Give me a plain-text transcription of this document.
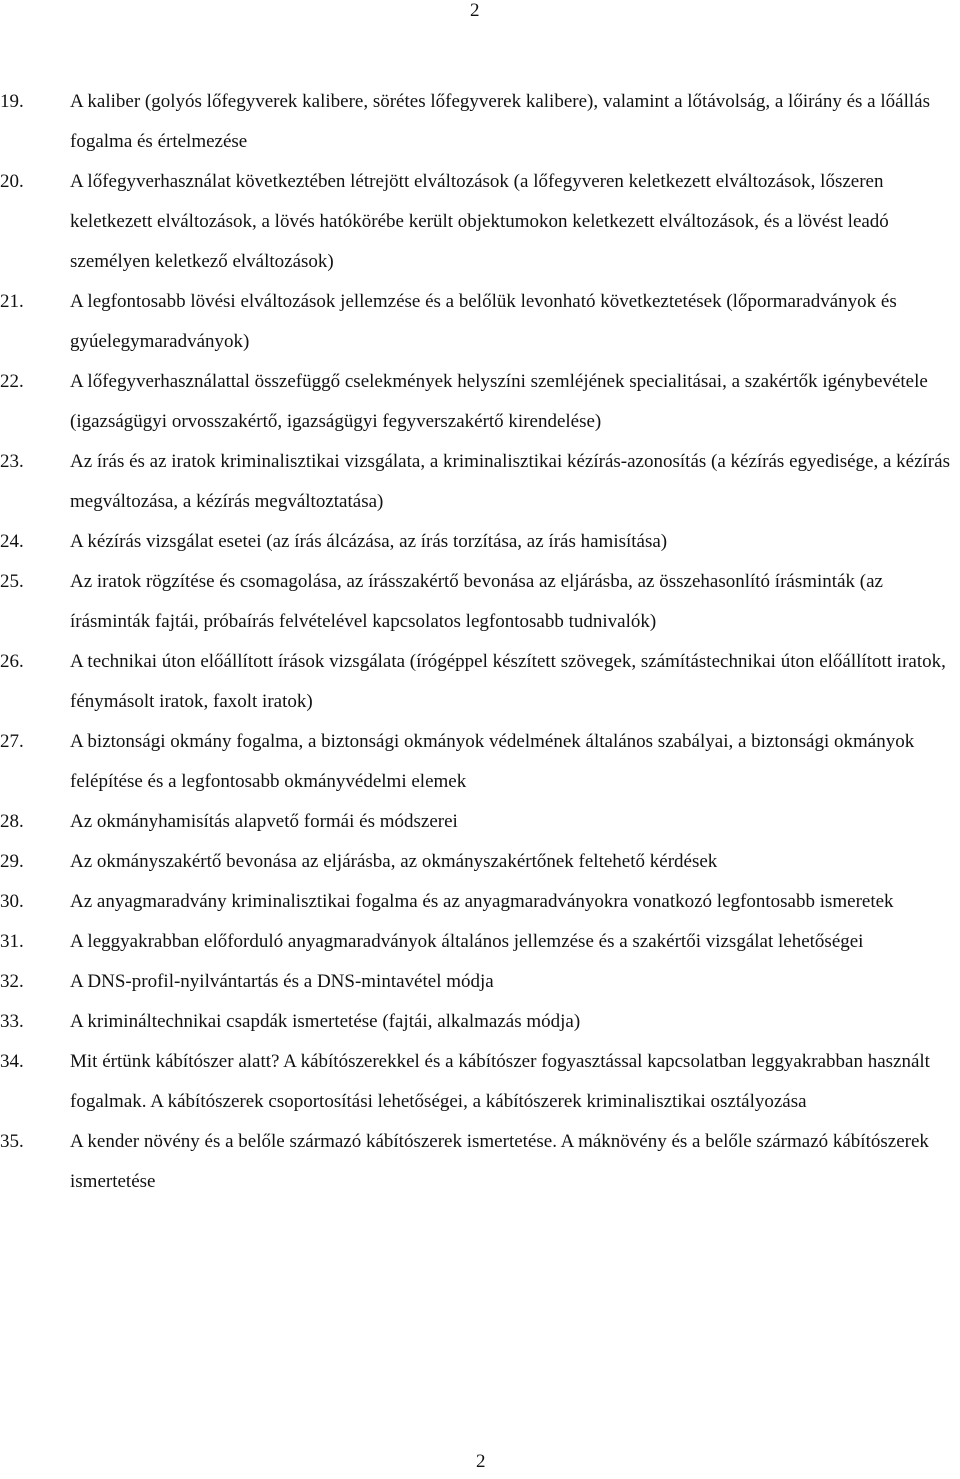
2
19.	A kaliber (golyós lőfegyverek kalibere, sörétes lőfegyverek kalibere), valamint a lőtávolság, a lőirány és a lőállás fogalma és értelmezése
20.	A lőfegyverhasználat következtében létrejött elváltozások (a lőfegyveren keletkezett elváltozások, lőszeren keletkezett elváltozások, a lövés hatókörébe került objektumokon keletkezett elváltozások, és a lövést leadó személyen keletkező elváltozások)
21.	A legfontosabb lövési elváltozások jellemzése és a belőlük levonható következtetések (lőpormaradványok és gyúelegymaradványok)
22.	A lőfegyverhasználattal összefüggő cselekmények helyszíni szemléjének specialitásai, a szakértők igénybevétele (igazságügyi orvosszakértő, igazságügyi fegyverszakértő kirendelése)
23.	Az írás és az iratok kriminalisztikai vizsgálata, a kriminalisztikai kézírás-azonosítás (a kézírás egyedisége, a kézírás megváltozása, a kézírás megváltoztatása)
24.	A kézírás vizsgálat esetei (az írás álcázása, az írás torzítása, az írás hamisítása)
25.	Az iratok rögzítése és csomagolása, az írásszakértő bevonása az eljárásba, az összehasonlító írásminták (az írásminták fajtái, próbaírás felvételével kapcsolatos legfontosabb tudnivalók)
26.	A technikai úton előállított írások vizsgálata (írógéppel készített szövegek, számítástechnikai úton előállított iratok, fénymásolt iratok, faxolt iratok)
27.	A biztonsági okmány fogalma, a biztonsági okmányok védelmének általános szabályai, a biztonsági okmányok felépítése és a legfontosabb okmányvédelmi elemek
28.	Az okmányhamisítás alapvető formái és módszerei
29.	Az okmányszakértő bevonása az eljárásba, az okmányszakértőnek feltehető kérdések
30.	Az anyagmaradvány kriminalisztikai fogalma és az anyagmaradványokra vonatkozó legfontosabb ismeretek
31.	A leggyakrabban előforduló anyagmaradványok általános jellemzése és a szakértői vizsgálat lehetőségei
32.	A DNS-profil-nyilvántartás és a DNS-mintavétel módja
33.	A krimináltechnikai csapdák ismertetése (fajtái, alkalmazás módja)
34.	Mit értünk kábítószer alatt? A kábítószerekkel és a kábítószer fogyasztással kapcsolatban leggyakrabban használt fogalmak. A kábítószerek csoportosítási lehetőségei, a kábítószerek kriminalisztikai osztályozása
35.	A kender növény és a belőle származó kábítószerek ismertetése. A máknövény és a belőle származó kábítószerek ismertetése
2
